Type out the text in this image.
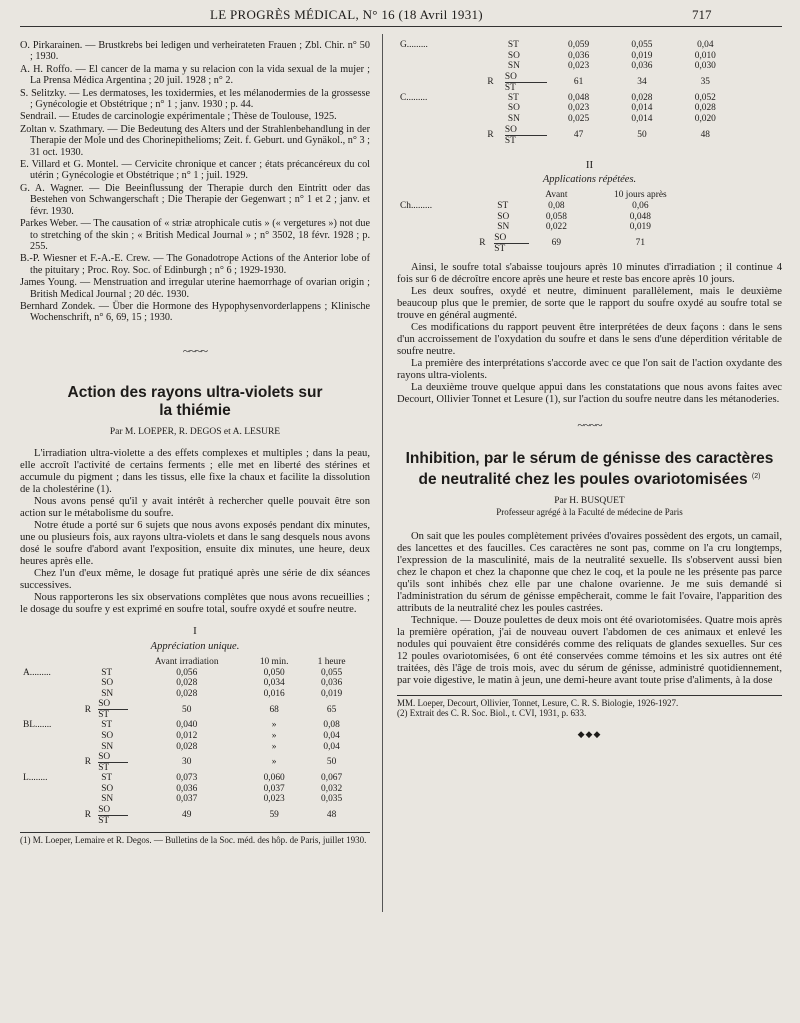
LE PROGRÈS MÉDICAL, N° 16 (18 Avril 1931)	717

O. Pirkarainen. — Brustkrebs bei ledigen und verheirateten Frauen ; Zbl. Chir. n° 50 ; 1930.

A. H. Roffo. — El cancer de la mama y su relacion con la vida sexual de la mujer ; La Prensa Médica Argentina ; 20 juil. 1928 ; n° 2.

S. Selitzky. — Les dermatoses, les toxidermies, et les mélanodermies de la grossesse ; Gynécologie et Obstétrique ; n° 1 ; janv. 1930 ; p. 44.

Sendrail. — Etudes de carcinologie expérimentale ; Thèse de Toulouse, 1925.

Zoltan v. Szathmary. — Die Bedeutung des Alters und der Strahlenbehandlung in der Therapie der Mole und des Chorinepithelioms; Zeit. f. Geburt. und Gynäkol., n° 3 ; 31 oct. 1930.

E. Villard et G. Montel. — Cervicite chronique et cancer ; états précancéreux du col utérin ; Gynécologie et Obstétrique ; n° 1 ; juil. 1929.

G. A. Wagner. — Die Beeinflussung der Therapie durch den Eintritt oder das Bestehen von Schwangerschaft ; Die Therapie der Gegenwart ; n° 1 et 2 ; janv. et févr. 1930.

Parkes Weber. — The causation of « striæ atrophicale cutis » (« vergetures ») not due to stretching of the skin ; « British Medical Journal » ; n° 3502, 18 févr. 1928 ; p. 255.

B.-P. Wiesner et F.-A.-E. Crew. — The Gonadotrope Actions of the Anterior lobe of the pituitary ; Proc. Roy. Soc. of Edinburgh ; n° 6 ; 1929-1930.

James Young. — Menstruation and irregular uterine haemorrhage of ovarian origin ; British Medical Journal ; 20 déc. 1930.

Bernhard Zondek. — Über die Hormone des Hypophysenvorderlappens ; Klinische Wochenschrift, n° 6, 69, 15 ; 1930.

~~~~
Action des rayons ultra-violets sur la thiémie
Par M. LOEPER, R. DEGOS et A. LESURE

L'irradiation ultra-violette a des effets complexes et multiples ; dans la peau, elle accroît l'activité de certains ferments ; elle met en liberté des stérines et accumule du pigment ; dans les tissus, elle fixe la chaux et facilite la dissolution de la cholestérine (1).

Nous avons pensé qu'il y avait intérêt à rechercher quelle pouvait être son action sur le métabolisme du soufre.

Notre étude a porté sur 6 sujets que nous avons exposés pendant dix minutes, une ou plusieurs fois, aux rayons ultra-violets et dans le sang desquels nous avons dosé le soufre d'abord avant l'exposition, ensuite dix minutes, une heure, deux heures après elle.

Chez l'un d'eux même, le dosage fut pratiqué après une série de dix séances successives.

Nous rapporterons les six observations complètes que nous avons recueillies ; le dosage du soufre y est exprimé en soufre total, soufre oxydé et soufre neutre.

I
Appréciation unique.
			Avant irradiation	10 min.	1 heure
A.........		ST	0,056	0,050	0,055
		SO	0,028	0,034	0,036
		SN	0,028	0,016	0,019
	R	SO
ST	50	68	65
BL.......		ST	0,040	»	0,08
		SO	0,012	»	0,04
		SN	0,028	»	0,04
	R	SO
ST	30	»	50
L........		ST	0,073	0,060	0,067
		SO	0,036	0,037	0,032
		SN	0,037	0,023	0,035
	R	SO
ST	49	59	48

(1) M. Loeper, Lemaire et R. Degos. — Bulletins de la Soc. méd. des hôp. de Paris, juillet 1930.

G.........		ST	0,059	0,055	0,04
		SO	0,036	0,019	0,010
		SN	0,023	0,036	0,030
	R	SO
ST	61	34	35
C.........		ST	0,048	0,028	0,052
		SO	0,023	0,014	0,028
		SN	0,025	0,014	0,020
	R	SO
ST	47	50	48
II
Applications répétées.
			Avant	10 jours après
Ch.........		ST	0,08	0,06
		SO	0,058	0,048
		SN	0,022	0,019
	R	SO
ST	69	71

Ainsi, le soufre total s'abaisse toujours après 10 minutes d'irradiation ; il continue 4 fois sur 6 de décroître encore après une heure et reste bas encore après 10 jours.

Les deux soufres, oxydé et neutre, diminuent parallèlement, mais le deuxième beaucoup plus que le premier, de sorte que le rapport du soufre oxydé au soufre total se trouve en général augmenté.

Ces modifications du rapport peuvent être interprétées de deux façons : dans le sens d'un accroissement de l'oxydation du soufre et dans le sens d'une déperdition véritable de soufre neutre.

La première des interprétations s'accorde avec ce que l'on sait de l'action oxydante des rayons ultra-violents.

La deuxième trouve quelque appui dans les constatations que nous avons faites avec Decourt, Ollivier Tonnet et Lesure (1), sur l'action du soufre neutre dans les métanoderies.

~~~~
Inhibition, par le sérum de génisse des caractères de neutralité chez les poules ovariotomisées $^{(2)}$
Par H. BUSQUET
Professeur agrégé à la Faculté de médecine de Paris

On sait que les poules complètement privées d'ovaires possèdent des ergots, un camail, des lancettes et des faucilles. Ces caractères ne sont pas, comme on l'a cru longtemps, l'expression de la masculinité, mais de la neutralité sexuelle. Ils s'observent aussi bien chez le chapon et chez la chaponne que chez le coq, et la poule ne les présente pas parce qu'ils sont inhibés chez elle par une chalone ovarienne. Je me suis demandé si l'administration du sérum de génisse empêcherait, comme le fait l'ovaire, l'apparition des attributs de la neutralité chez les poules castrées.

Technique. — Douze poulettes de deux mois ont été ovariotomisées. Quatre mois après la première opération, j'ai de nouveau ouvert l'abdomen de ces animaux et enlevé les nodules qui pouvaient être considérés comme des reliquats de glandes sexuelles. Sur ces 12 poules ovariotomisées, 6 ont été conservées comme témoins et les six autres ont été traitées, dès l'âge de trois mois, avec du sérum de génisse, administré quotidiennement, par voie digestive, le matin à jeun, une demi-heure avant toute prise d'aliments, à la dose

MM. Loeper, Decourt, Ollivier, Tonnet, Lesure, C. R. S. Biologie, 1926-1927.

(2) Extrait des C. R. Soc. Biol., t. CVI, 1931, p. 633.

◆◆◆
